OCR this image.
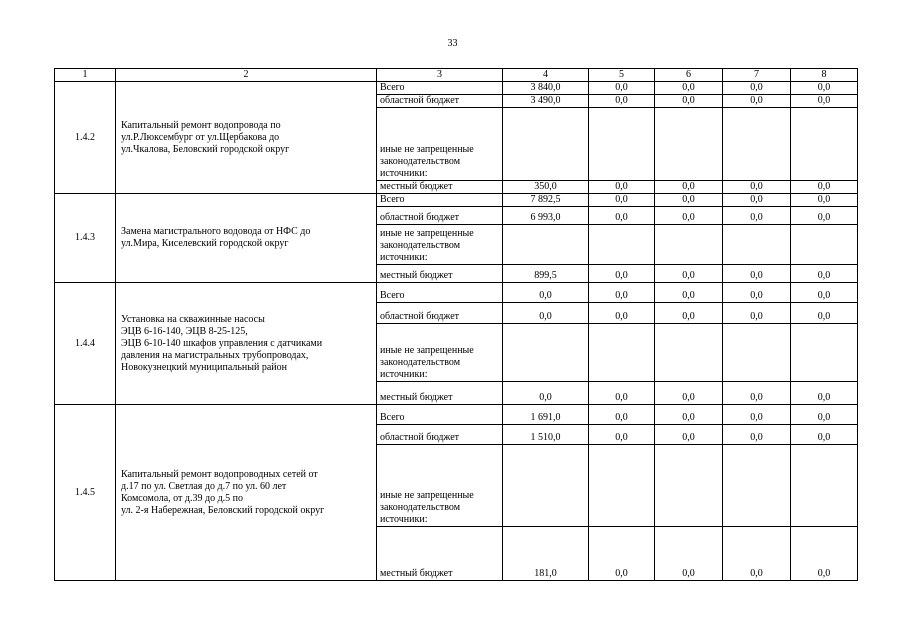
33
1	2	3	4	5	6	7	8
1.4.2	Капитальный ремонт водопровода по
ул.Р.Люксембург от ул.Щербакова до
ул.Чкалова, Беловский городской округ	Всего	3 840,0	0,0	0,0	0,0	0,0
		областной бюджет	3 490,0	0,0	0,0	0,0	0,0
		иные не запрещенные законодательством источники:					
		местный бюджет	350,0	0,0	0,0	0,0	0,0
1.4.3	Замена магистрального водовода от НФС до
ул.Мира, Киселевский городской округ	Всего	7 892,5	0,0	0,0	0,0	0,0
		областной бюджет	6 993,0	0,0	0,0	0,0	0,0
		иные не запрещенные законодательством источники:					
		местный бюджет	899,5	0,0	0,0	0,0	0,0
1.4.4	Установка на скважинные насосы
ЭЦВ 6-16-140, ЭЦВ 8-25-125,
ЭЦВ 6-10-140 шкафов управления с датчиками
давления на магистральных трубопроводах,
Новокузнецкий муниципальный район	Всего	0,0	0,0	0,0	0,0	0,0
		областной бюджет	0,0	0,0	0,0	0,0	0,0
		иные не запрещенные законодательством источники:					
		местный бюджет	0,0	0,0	0,0	0,0	0,0
1.4.5	Капитальный ремонт водопроводных сетей от
д.17 по ул. Светлая до д.7 по ул. 60 лет
Комсомола, от д.39 до д.5 по
ул. 2-я Набережная, Беловский городской округ	Всего	1 691,0	0,0	0,0	0,0	0,0
		областной бюджет	1 510,0	0,0	0,0	0,0	0,0
		иные не запрещенные законодательством источники:					
		местный бюджет	181,0	0,0	0,0	0,0	0,0
